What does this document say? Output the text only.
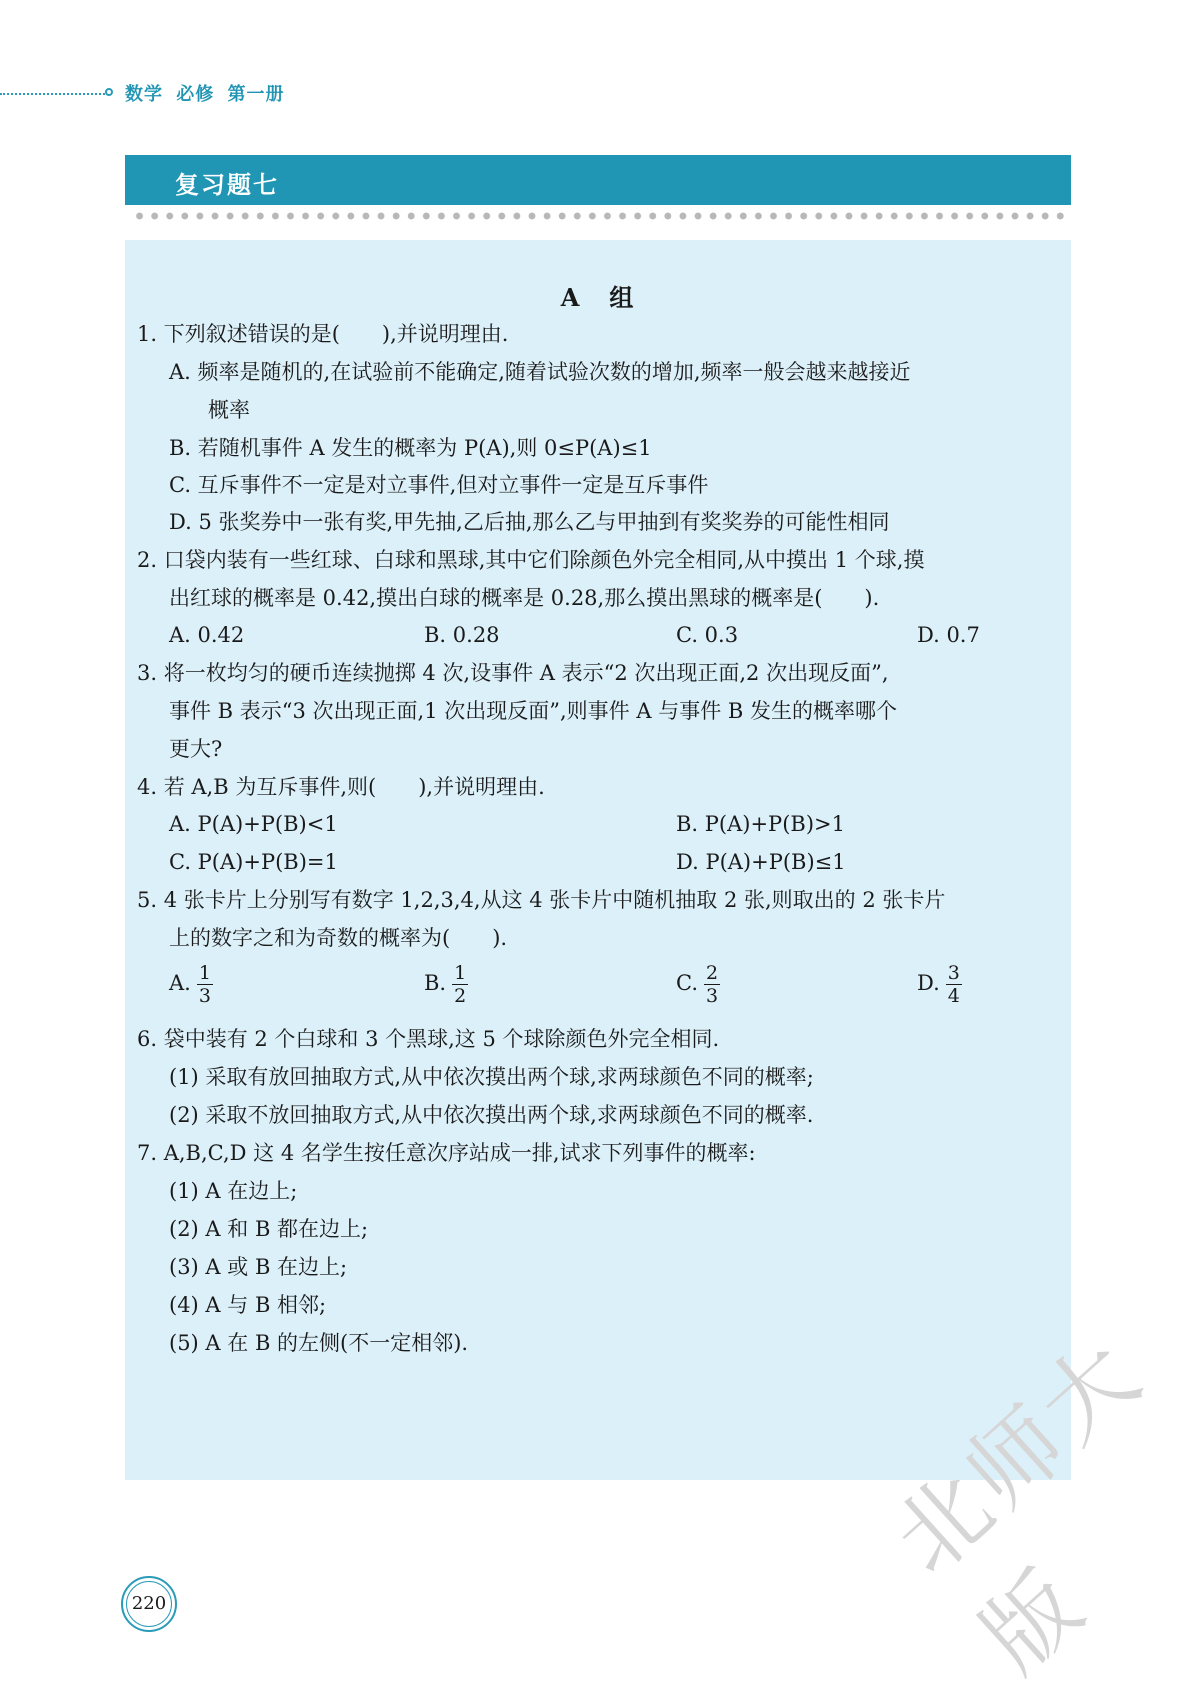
数学 必修 第一册
复习题七
A 组
1. 下列叙述错误的是(　　),并说明理由.
A. 频率是随机的,在试验前不能确定,随着试验次数的增加,频率一般会越来越接近
概率
B. 若随机事件 A 发生的概率为 P(A),则 0≤P(A)≤1
C. 互斥事件不一定是对立事件,但对立事件一定是互斥事件
D. 5 张奖券中一张有奖,甲先抽,乙后抽,那么乙与甲抽到有奖奖券的可能性相同
2. 口袋内装有一些红球、白球和黑球,其中它们除颜色外完全相同,从中摸出 1 个球,摸
出红球的概率是 0.42,摸出白球的概率是 0.28,那么摸出黑球的概率是(　　).
A. 0.42	B. 0.28	C. 0.3	D. 0.7
3. 将一枚均匀的硬币连续抛掷 4 次,设事件 A 表示“2 次出现正面,2 次出现反面”,
事件 B 表示“3 次出现正面,1 次出现反面”,则事件 A 与事件 B 发生的概率哪个
更大?
4. 若 A,B 为互斥事件,则(　　),并说明理由.
A. P(A)+P(B)<1	B. P(A)+P(B)>1
C. P(A)+P(B)=1	D. P(A)+P(B)≤1
5. 4 张卡片上分别写有数字 1,2,3,4,从这 4 张卡片中随机抽取 2 张,则取出的 2 张卡片
上的数字之和为奇数的概率为(　　).
A. $\frac{1}{3}$	B. $\frac{1}{2}$	C. $\frac{2}{3}$	D. $\frac{3}{4}$
6. 袋中装有 2 个白球和 3 个黑球,这 5 个球除颜色外完全相同.
(1) 采取有放回抽取方式,从中依次摸出两个球,求两球颜色不同的概率;
(2) 采取不放回抽取方式,从中依次摸出两个球,求两球颜色不同的概率.
7. A,B,C,D 这 4 名学生按任意次序站成一排,试求下列事件的概率:
(1) A 在边上;
(2) A 和 B 都在边上;
(3) A 或 B 在边上;
(4) A 与 B 相邻;
(5) A 在 B 的左侧(不一定相邻).
220
北师大版
